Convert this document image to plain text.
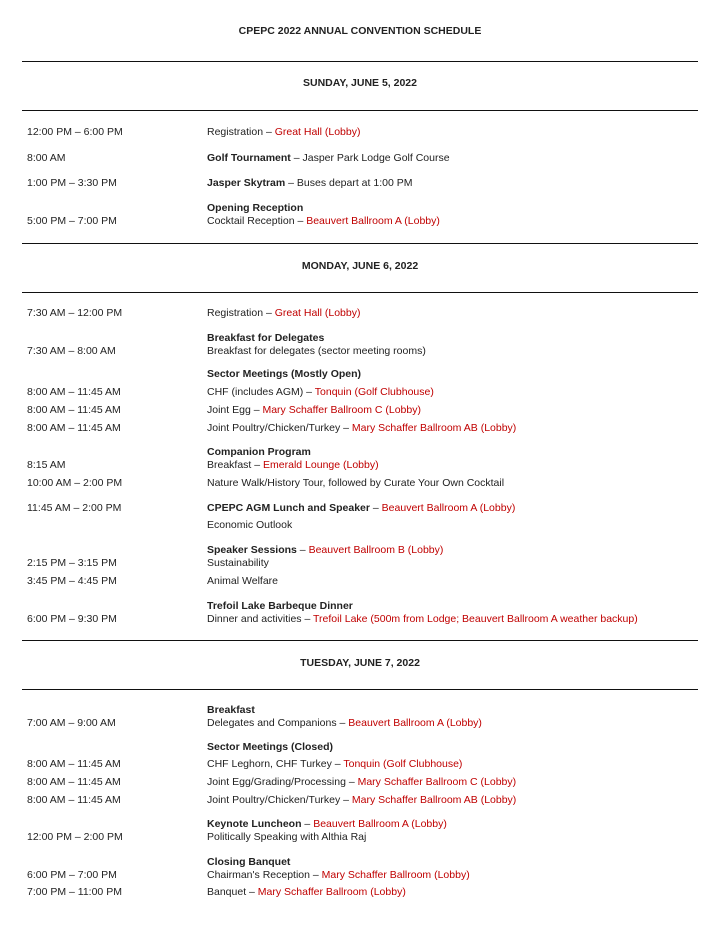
CPEPC 2022 ANNUAL CONVENTION SCHEDULE
SUNDAY, JUNE 5, 2022
12:00 PM – 6:00 PM	Registration – Great Hall (Lobby)
8:00 AM	Golf Tournament – Jasper Park Lodge Golf Course
1:00 PM – 3:30 PM	Jasper Skytram – Buses depart at 1:00 PM
Opening Reception
5:00 PM – 7:00 PM	Cocktail Reception – Beauvert Ballroom A (Lobby)
MONDAY, JUNE 6, 2022
7:30 AM – 12:00 PM	Registration – Great Hall (Lobby)
Breakfast for Delegates
7:30 AM – 8:00 AM	Breakfast for delegates (sector meeting rooms)
Sector Meetings (Mostly Open)
8:00 AM – 11:45 AM	CHF (includes AGM) – Tonquin (Golf Clubhouse)
8:00 AM – 11:45 AM	Joint Egg – Mary Schaffer Ballroom C (Lobby)
8:00 AM – 11:45 AM	Joint Poultry/Chicken/Turkey – Mary Schaffer Ballroom AB (Lobby)
Companion Program
8:15 AM	Breakfast – Emerald Lounge (Lobby)
10:00 AM – 2:00 PM	Nature Walk/History Tour, followed by Curate Your Own Cocktail
11:45 AM – 2:00 PM	CPEPC AGM Lunch and Speaker – Beauvert Ballroom A (Lobby)
Economic Outlook
Speaker Sessions – Beauvert Ballroom B (Lobby)
2:15 PM – 3:15 PM	Sustainability
3:45 PM – 4:45 PM	Animal Welfare
Trefoil Lake Barbeque Dinner
6:00 PM – 9:30 PM	Dinner and activities – Trefoil Lake (500m from Lodge; Beauvert Ballroom A weather backup)
TUESDAY, JUNE 7, 2022
Breakfast
7:00 AM – 9:00 AM	Delegates and Companions – Beauvert Ballroom A (Lobby)
Sector Meetings (Closed)
8:00 AM – 11:45 AM	CHF Leghorn, CHF Turkey – Tonquin (Golf Clubhouse)
8:00 AM – 11:45 AM	Joint Egg/Grading/Processing – Mary Schaffer Ballroom C (Lobby)
8:00 AM – 11:45 AM	Joint Poultry/Chicken/Turkey – Mary Schaffer Ballroom AB (Lobby)
Keynote Luncheon – Beauvert Ballroom A (Lobby)
12:00 PM – 2:00 PM	Politically Speaking with Althia Raj
Closing Banquet
6:00 PM – 7:00 PM	Chairman's Reception – Mary Schaffer Ballroom (Lobby)
7:00 PM – 11:00 PM	Banquet – Mary Schaffer Ballroom (Lobby)
